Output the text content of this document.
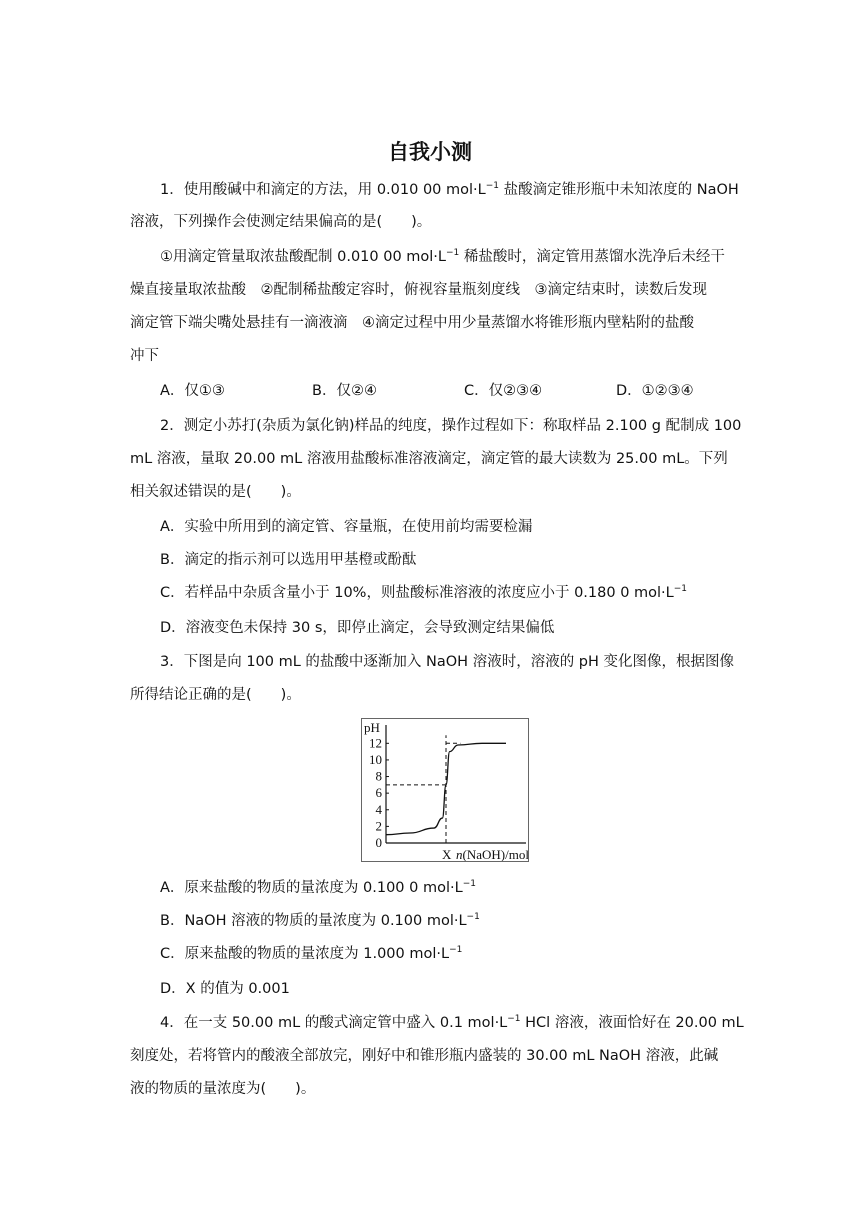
自我小测
1．使用酸碱中和滴定的方法，用 0.010 00 $mol\cdot L^{-1}$ 盐酸滴定锥形瓶中未知浓度的 NaOH
溶液，下列操作会使测定结果偏高的是(　　)。
①用滴定管量取浓盐酸配制 0.010 00 $mol\cdot L^{-1}$ 稀盐酸时，滴定管用蒸馏水洗净后未经干
燥直接量取浓盐酸　②配制稀盐酸定容时，俯视容量瓶刻度线　③滴定结束时，读数后发现
滴定管下端尖嘴处悬挂有一滴液滴　④滴定过程中用少量蒸馏水将锥形瓶内壁粘附的盐酸
冲下
A．仅①③	B．仅②④	C．仅②③④	D．①②③④
2．测定小苏打(杂质为氯化钠)样品的纯度，操作过程如下：称取样品 2.100 g 配制成 100
mL 溶液，量取 20.00 mL 溶液用盐酸标准溶液滴定，滴定管的最大读数为 25.00 mL。下列
相关叙述错误的是(　　)。
A．实验中所用到的滴定管、容量瓶，在使用前均需要检漏
B．滴定的指示剂可以选用甲基橙或酚酞
C．若样品中杂质含量小于 10%，则盐酸标准溶液的浓度应小于 0.180 0 $mol\cdot L^{-1}$
D．溶液变色未保持 30 s，即停止滴定，会导致测定结果偏低
3．下图是向 100 mL 的盐酸中逐渐加入 NaOH 溶液时，溶液的 pH 变化图像，根据图像
所得结论正确的是(　　)。
pH
0
2
4
6
8
10
12
X n(NaOH)/mol
A．原来盐酸的物质的量浓度为 0.100 0 $mol\cdot L^{-1}$
B．NaOH 溶液的物质的量浓度为 0.100 $mol\cdot L^{-1}$
C．原来盐酸的物质的量浓度为 1.000 $mol\cdot L^{-1}$
D．X 的值为 0.001
4．在一支 50.00 mL 的酸式滴定管中盛入 0.1 $mol\cdot L^{-1}$ HCl 溶液，液面恰好在 20.00 mL
刻度处，若将管内的酸液全部放完，刚好中和锥形瓶内盛装的 30.00 mL NaOH 溶液，此碱
液的物质的量浓度为(　　)。
